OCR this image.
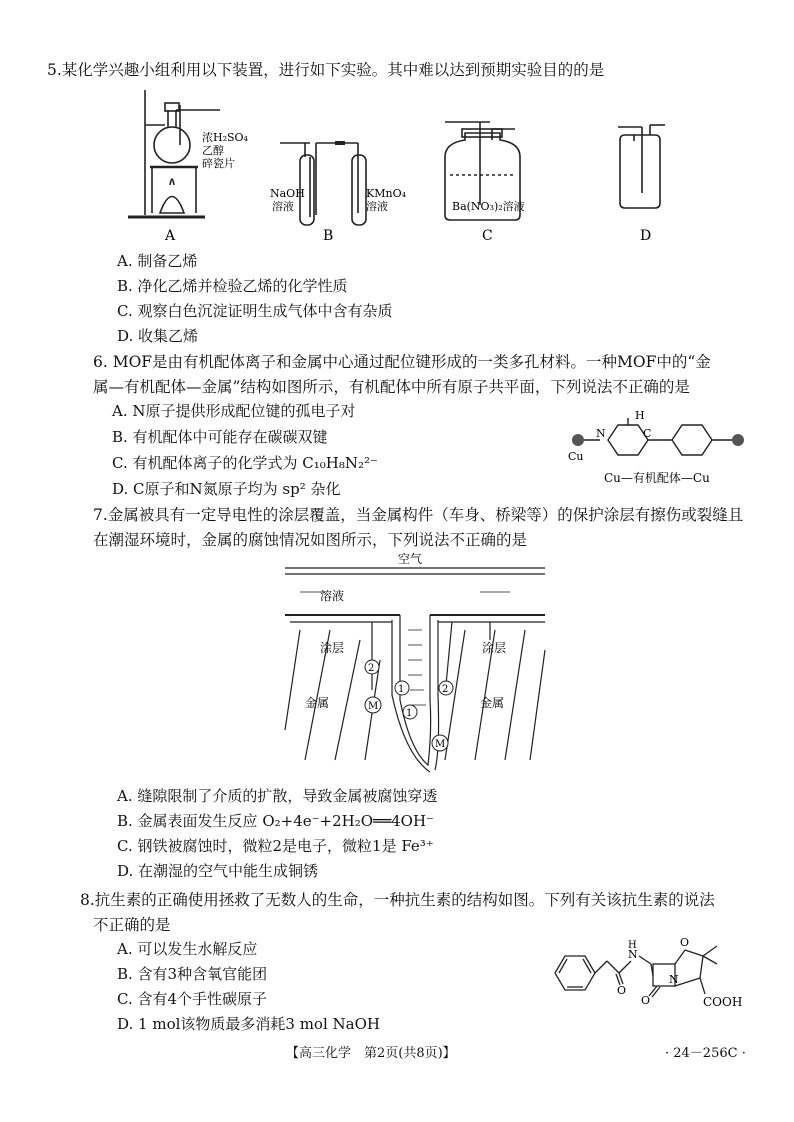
5.某化学兴趣小组利用以下装置，进行如下实验。其中难以达到预期实验目的的是
浓H₂SO₄
乙醇
碎瓷片
NaOH
溶液
KMnO₄
溶液	Ba(NO₃)₂溶液
A	B	C	D
A. 制备乙烯
B. 净化乙烯并检验乙烯的化学性质
C. 观察白色沉淀证明生成气体中含有杂质
D. 收集乙烯
6. MOF是由有机配体离子和金属中心通过配位键形成的一类多孔材料。一种MOF中的“金
属—有机配体—金属”结构如图所示，有机配体中所有原子共平面，下列说法不正确的是
A. N原子提供形成配位键的孤电子对
B. 有机配体中可能存在碳碳双键
C. 有机配体离子的化学式为 C₁₀H₈N₂²⁻
D. C原子和N氮原子均为 sp² 杂化
H
N	C
Cu
Cu—有机配体—Cu
7.金属被具有一定导电性的涂层覆盖，当金属构件（车身、桥梁等）的保护涂层有擦伤或裂缝且
在潮湿环境时，金属的腐蚀情况如图所示，下列说法不正确的是
空气
溶液
涂层	涂层
金属	金属
2
1
1
2
M
M
A. 缝隙限制了介质的扩散，导致金属被腐蚀穿透
B. 金属表面发生反应 O₂+4e⁻+2H₂O══4OH⁻
C. 钢铁被腐蚀时，微粒2是电子，微粒1是 Fe³⁺
D. 在潮湿的空气中能生成铜锈
8.抗生素的正确使用拯救了无数人的生命，一种抗生素的结构如图。下列有关该抗生素的说法
不正确的是
A. 可以发生水解反应
B. 含有3种含氧官能团
C. 含有4个手性碳原子
D. 1 mol该物质最多消耗3 mol NaOH
N
H
O
N
O
O
COOH
【高三化学　第2页(共8页)】	· 24－256C ·
